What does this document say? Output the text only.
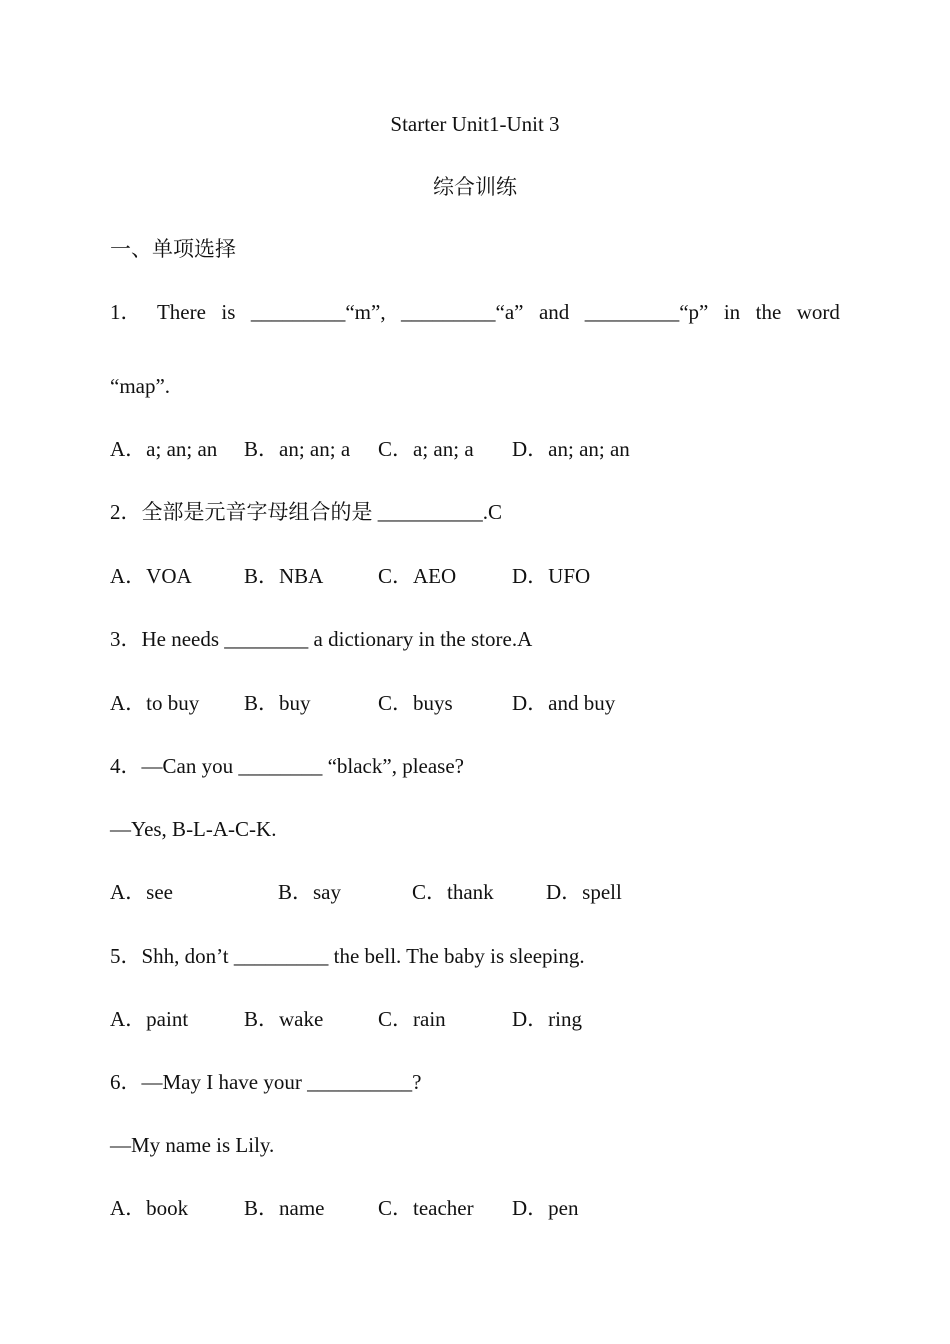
Starter Unit1-Unit 3
综合训练
一、单项选择
1． There is _________“m”, _________“a” and _________“p” in the word
“map”.
A．a; an; an B．an; an; a C．a; an; a D．an; an; an
2．全部是元音字母组合的是 __________.C
A．VOA B．NBA	C．AEO	D．UFO
3．He needs ________ a dictionary in the store.A
A．to buy B．buy	C．buys	D．and buy
4．—Can you ________ “black”, please?
—Yes, B-L-A-C-K.
A．see	B．say	C．thank D．spell
5．Shh, don’t _________ the bell. The baby is sleeping.
A．paint	B．wake	C．rain	D．ring
6．—May I have your __________?
—My name is Lily.
A．book	B．name	C．teacher D．pen
